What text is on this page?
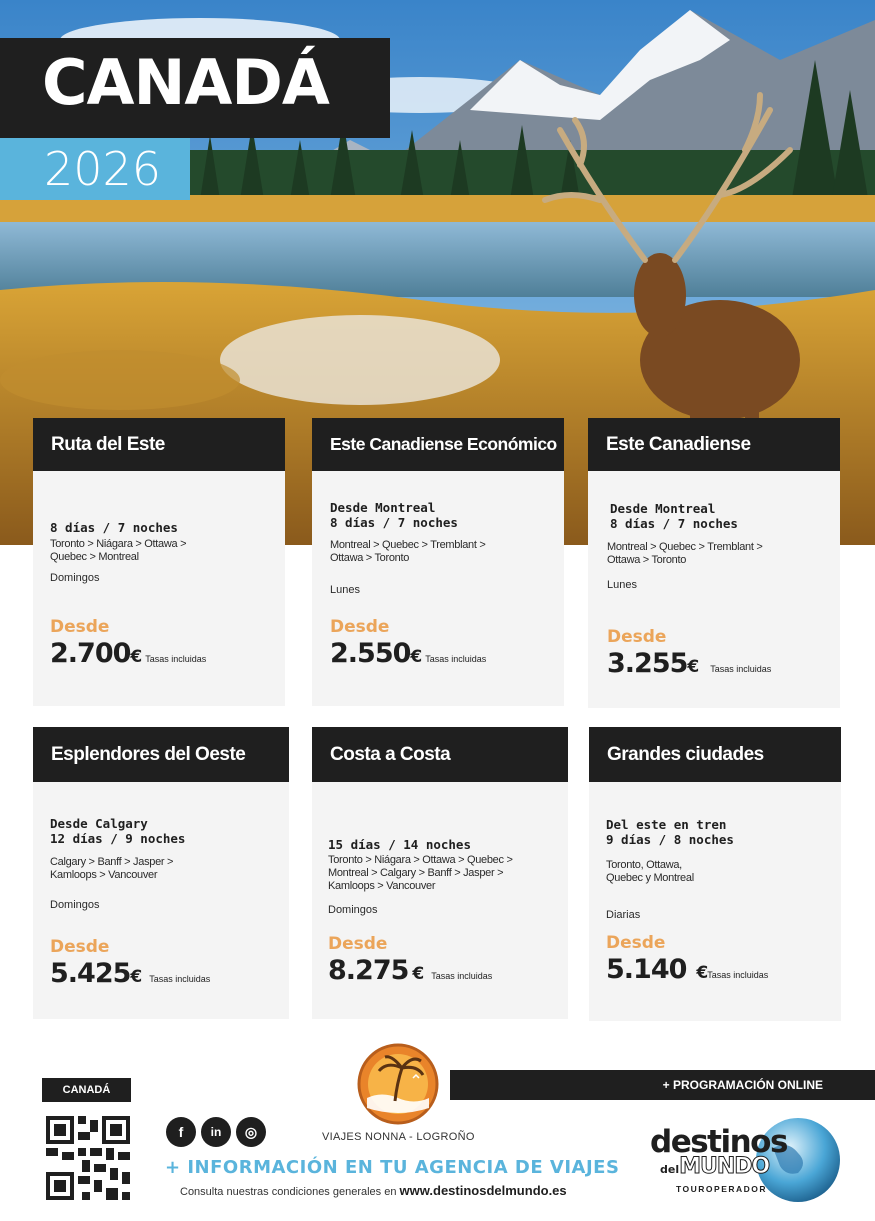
CANADÁ
2026
Ruta del Este
8 días / 7 noches
Toronto > Niágara > Ottawa >
Quebec > Montreal
Domingos
Desde
2.700€ Tasas incluidas
Este Canadiense Económico
Desde Montreal
8 días / 7 noches
Montreal > Quebec > Tremblant >
Ottawa > Toronto
Lunes
Desde
2.550€ Tasas incluidas
Este Canadiense
Desde Montreal
8 días / 7 noches
Montreal > Quebec > Tremblant >
Ottawa > Toronto
Lunes
Desde
3.255€ Tasas incluidas
Esplendores del Oeste
Desde Calgary
12 días / 9 noches
Calgary > Banff > Jasper >
Kamloops > Vancouver
Domingos
Desde
5.425€ Tasas incluidas
Costa a Costa
15 días / 14 noches
Toronto > Niágara > Ottawa > Quebec >
Montreal > Calgary > Banff > Jasper >
Kamloops > Vancouver
Domingos
Desde
8.275 € Tasas incluidas
Grandes ciudades
Del este en tren
9 días / 8 noches
Toronto, Ottawa,
Quebec y Montreal
Diarias
Desde
5.140 €Tasas incluidas
CANADÁ
f in ◎	VIAJES NONNA - LOGROÑO
+ INFORMACIÓN EN TU AGENCIA DE VIAJES
Consulta nuestras condiciones generales en www.destinosdelmundo.es
+ PROGRAMACIÓN ONLINE
destinos
delMUNDO
TOUROPERADOR
